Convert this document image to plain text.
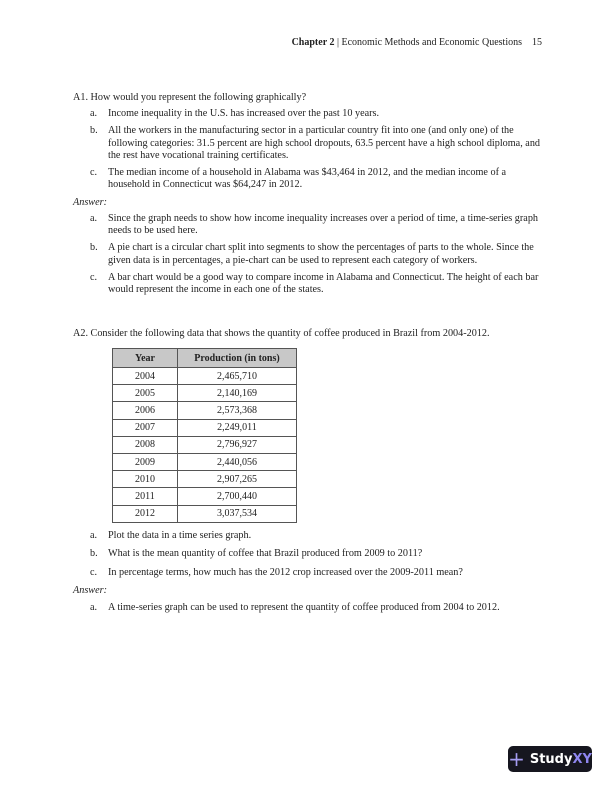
Chapter 2 | Economic Methods and Economic Questions 15
A1. How would you represent the following graphically?
a.	Income inequality in the U.S. has increased over the past 10 years.
b.	All the workers in the manufacturing sector in a particular country fit into one (and only one) of the following categories: 31.5 percent are high school dropouts, 63.5 percent have a high school diploma, and the rest have vocational training certificates.
c.	The median income of a household in Alabama was $43,464 in 2012, and the median income of a household in Connecticut was $64,247 in 2012.
Answer:
a.	Since the graph needs to show how income inequality increases over a period of time, a time-series graph needs to be used here.
b.	A pie chart is a circular chart split into segments to show the percentages of parts to the whole. Since the given data is in percentages, a pie-chart can be used to represent each category of workers.
c.	A bar chart would be a good way to compare income in Alabama and Connecticut. The height of each bar would represent the income in each one of the states.
A2. Consider the following data that shows the quantity of coffee produced in Brazil from 2004-2012.
Year	Production (in tons)
2004	2,465,710
2005	2,140,169
2006	2,573,368
2007	2,249,011
2008	2,796,927
2009	2,440,056
2010	2,907,265
2011	2,700,440
2012	3,037,534
a.	Plot the data in a time series graph.
b.	What is the mean quantity of coffee that Brazil produced from 2009 to 2011?
c.	In percentage terms, how much has the 2012 crop increased over the 2009-2011 mean?
Answer:
a.	A time-series graph can be used to represent the quantity of coffee produced from 2004 to 2012.
+ Study XY
